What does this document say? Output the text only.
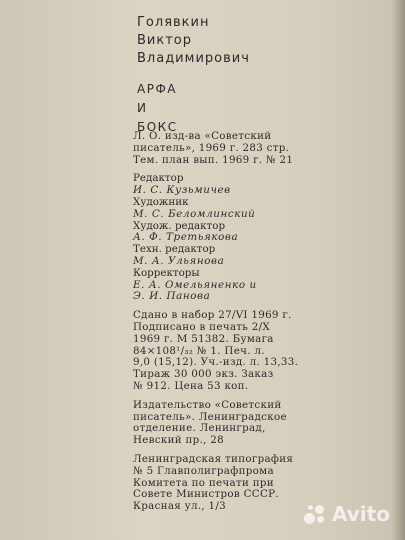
Голявкин
Виктор
Владимирович
АРФА
И
БОКС
Л. О. изд-ва «Советский
писатель», 1969 г. 283 стр.
Тем. план вып. 1969 г. № 21
Редактор
И. С. Кузьмичев
Художник
М. С. Беломлинский
Худож. редактор
А. Ф. Третьякова
Техн. редактор
М. А. Ульянова
Корректоры
Е. А. Омельяненко и
Э. И. Панова
Сдано в набор 27/VI 1969 г.
Подписано в печать 2/X
1969 г. М 51382. Бумага
84×108¹/₃₂ № 1. Печ. л.
9,0 (15,12). Уч.-изд. л. 13,33.
Тираж 30 000 экз. Заказ
№ 912. Цена 53 коп.
Издательство «Советский
писатель». Ленинградское
отделение. Ленинград,
Невский пр., 28
Ленинградская типография
№ 5 Главполиграфпрома
Комитета по печати при
Совете Министров СССР.
Красная ул., 1/3	Avito
